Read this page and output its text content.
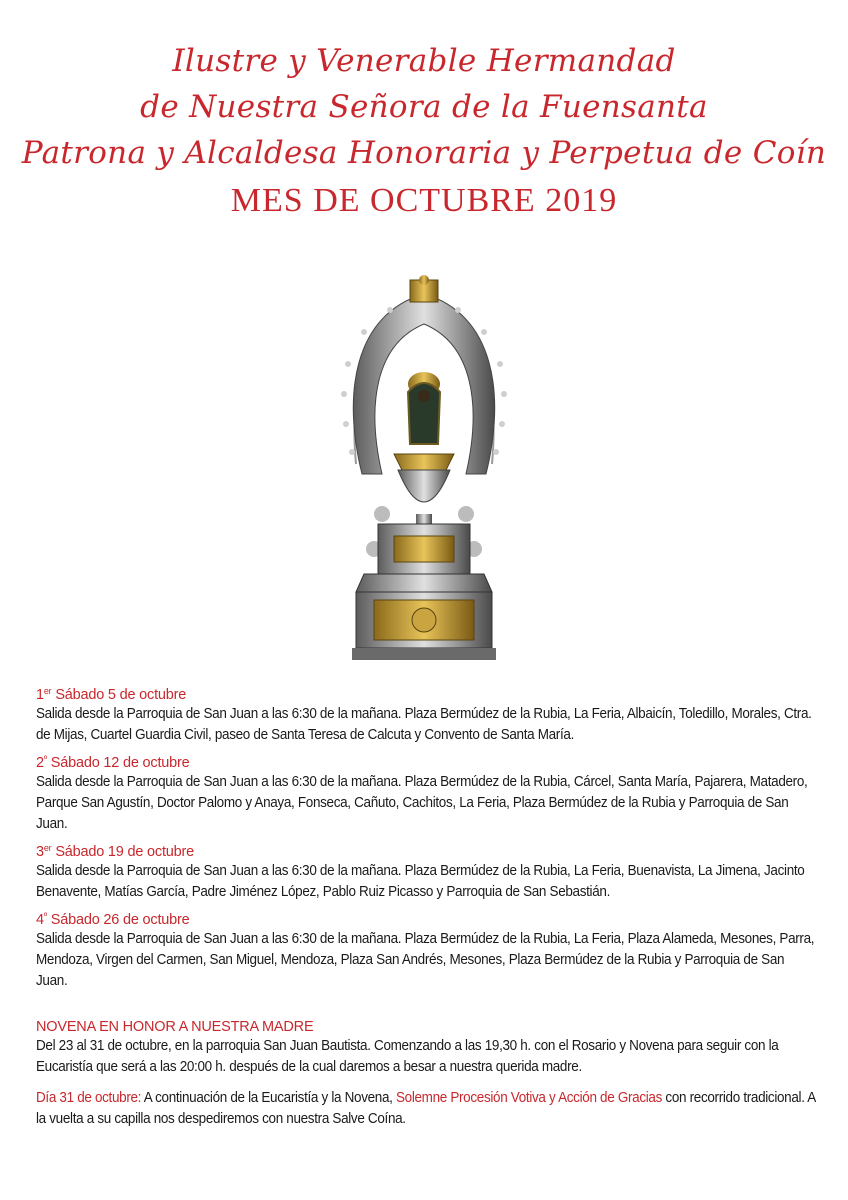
Ilustre y Venerable Hermandad
de Nuestra Señora de la Fuensanta
Patrona y Alcaldesa Honoraria y Perpetua de Coín
MES DE OCTUBRE 2019
1er Sábado 5 de octubre
Salida desde la Parroquia de San Juan a las 6:30 de la mañana. Plaza Bermúdez de la Rubia, La Feria, Albaicín, Toledillo, Morales, Ctra. de Mijas, Cuartel Guardia Civil, paseo de Santa Teresa de Calcuta y Convento de Santa María.
$2^º$ Sábado 12 de octubre
Salida desde la Parroquia de San Juan a las 6:30 de la mañana. Plaza Bermúdez de la Rubia, Cárcel, Santa María, Pajarera, Matadero, Parque San Agustín, Doctor Palomo y Anaya, Fonseca, Cañuto, Cachitos, La Feria, Plaza Bermúdez de la Rubia y Parroquia de San Juan.
3er Sábado 19 de octubre
Salida desde la Parroquia de San Juan a las 6:30 de la mañana. Plaza Bermúdez de la Rubia, La Feria, Buenavista, La Jimena, Jacinto Benavente, Matías García, Padre Jiménez López, Pablo Ruiz Picasso y Parroquia de San Sebastián.
$4^º$ Sábado 26 de octubre
Salida desde la Parroquia de San Juan a las 6:30 de la mañana. Plaza Bermúdez de la Rubia, La Feria, Plaza Alameda, Mesones, Parra, Mendoza, Virgen del Carmen, San Miguel, Mendoza, Plaza San Andrés, Mesones, Plaza Bermúdez de la Rubia y Parroquia de San Juan.
NOVENA EN HONOR A NUESTRA MADRE
Del 23 al 31 de octubre, en la parroquia San Juan Bautista. Comenzando a las 19,30 h. con el Rosario y Novena para seguir con la Eucaristía que será a las 20:00 h. después de la cual daremos a besar a nuestra querida madre.
Día 31 de octubre: A continuación de la Eucaristía y la Novena, Solemne Procesión Votiva y Acción de Gracias con recorrido tradicional. A la vuelta a su capilla nos despediremos con nuestra Salve Coína.
